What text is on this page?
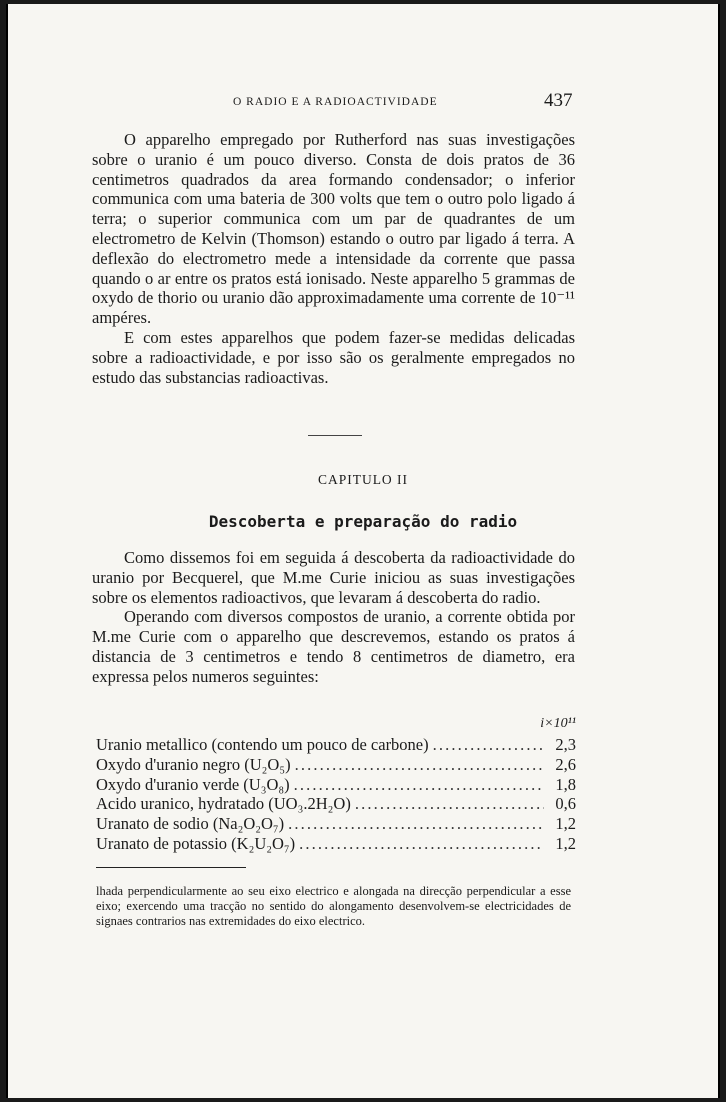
O RADIO E A RADIOACTIVIDADE	437

O apparelho empregado por Rutherford nas suas investigações sobre o uranio é um pouco diverso. Consta de dois pratos de 36 centimetros quadrados da area formando condensador; o inferior communica com uma bateria de 300 volts que tem o outro polo ligado á terra; o superior communica com um par de quadrantes de um electrometro de Kelvin (Thomson) estando o outro par ligado á terra. A deflexão do electrometro mede a intensidade da corrente que passa quando o ar entre os pratos está ionisado. Neste apparelho 5 grammas de oxydo de thorio ou uranio dão approximadamente uma corrente de 10⁻¹¹ ampéres.

E com estes apparelhos que podem fazer-se medidas delicadas sobre a radioactividade, e por isso são os geralmente empregados no estudo das substancias radioactivas.

CAPITULO II
Descoberta e preparação do radio

Como dissemos foi em seguida á descoberta da radioactividade do uranio por Becquerel, que M.me Curie iniciou as suas investigações sobre os elementos radioactivos, que levaram á descoberta do radio.

Operando com diversos compostos de uranio, a corrente obtida por M.me Curie com o apparelho que descrevemos, estando os pratos á distancia de 3 centimetros e tendo 8 centimetros de diametro, era expressa pelos numeros seguintes:

i×10¹¹
Uranio metallico (contendo um pouco de carbone) . . .	2,3
Oxydo d'uranio negro (U₂O₅) . . .	2,6
Oxydo d'uranio verde (U₃O₈) . . .	1,8
Acido uranico, hydratado (UO₃.2H₂O) . . .	0,6
Uranato de sodio (Na₂O₂O₇) . . .	1,2
Uranato de potassio (K₂U₂O₇) . . .	1,2
lhada perpendicularmente ao seu eixo electrico e alongada na direcção perpendicular a esse eixo; exercendo uma tracção no sentido do alongamento desenvolvem-se electricidades de signaes contrarios nas extremidades do eixo electrico.
